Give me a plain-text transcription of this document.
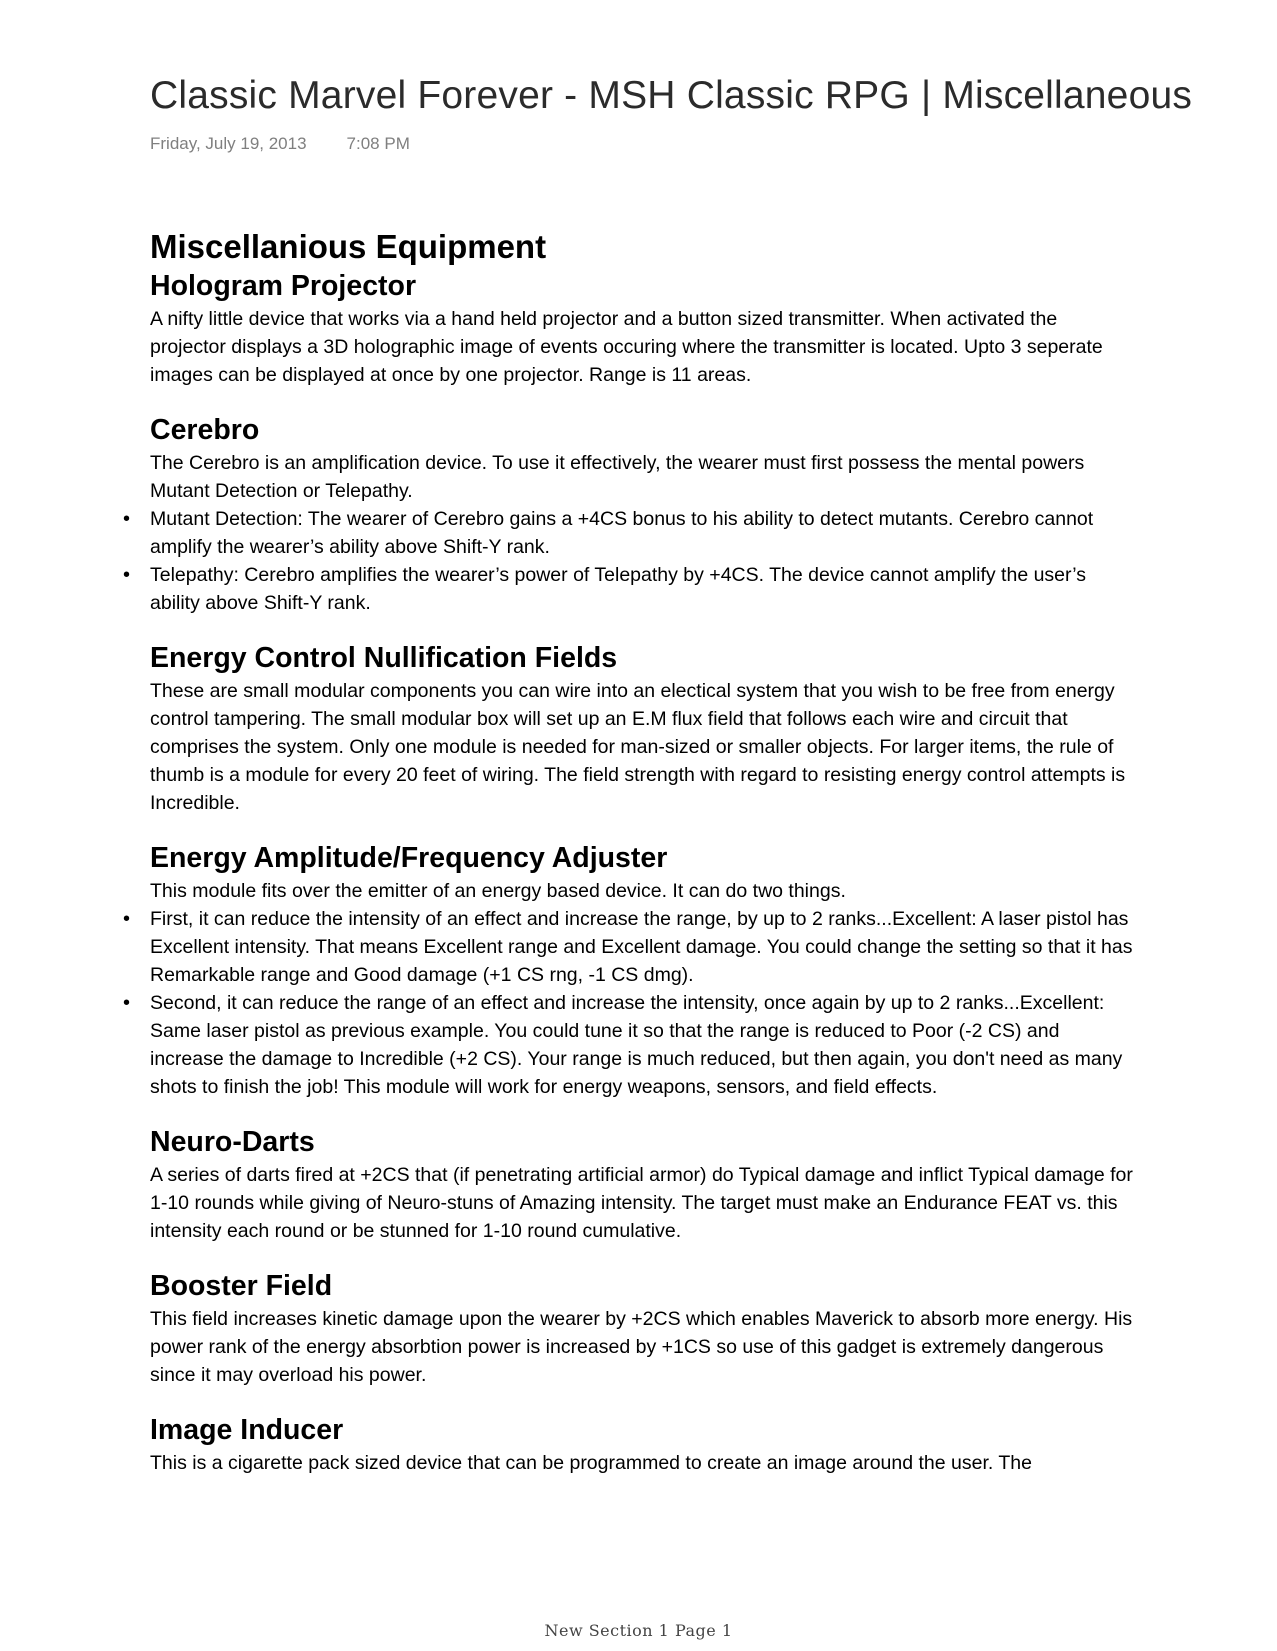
Classic Marvel Forever - MSH Classic RPG | Miscellaneous
Friday, July 19, 2013 7:08 PM
Miscellanious Equipment
Hologram Projector

A nifty little device that works via a hand held projector and a button sized transmitter. When activated the projector displays a 3D holographic image of events occuring where the transmitter is located. Upto 3 seperate images can be displayed at once by one projector. Range is 11 areas.

Cerebro

The Cerebro is an amplification device. To use it effectively, the wearer must first possess the mental powers Mutant Detection or Telepathy.

• Mutant Detection: The wearer of Cerebro gains a +4CS bonus to his ability to detect mutants. Cerebro cannot amplify the wearer’s ability above Shift-Y rank.
• Telepathy: Cerebro amplifies the wearer’s power of Telepathy by +4CS. The device cannot amplify the user’s ability above Shift-Y rank.
Energy Control Nullification Fields

These are small modular components you can wire into an electical system that you wish to be free from energy control tampering. The small modular box will set up an E.M flux field that follows each wire and circuit that comprises the system. Only one module is needed for man-sized or smaller objects. For larger items, the rule of thumb is a module for every 20 feet of wiring. The field strength with regard to resisting energy control attempts is Incredible.

Energy Amplitude/Frequency Adjuster

This module fits over the emitter of an energy based device. It can do two things.

• First, it can reduce the intensity of an effect and increase the range, by up to 2 ranks...Excellent: A laser pistol has Excellent intensity. That means Excellent range and Excellent damage. You could change the setting so that it has Remarkable range and Good damage (+1 CS rng, -1 CS dmg).
• Second, it can reduce the range of an effect and increase the intensity, once again by up to 2 ranks...Excellent: Same laser pistol as previous example. You could tune it so that the range is reduced to Poor (-2 CS) and increase the damage to Incredible (+2 CS). Your range is much reduced, but then again, you don't need as many shots to finish the job! This module will work for energy weapons, sensors, and field effects.
Neuro-Darts

A series of darts fired at +2CS that (if penetrating artificial armor) do Typical damage and inflict Typical damage for 1-10 rounds while giving of Neuro-stuns of Amazing intensity. The target must make an Endurance FEAT vs. this intensity each round or be stunned for 1-10 round cumulative.

Booster Field

This field increases kinetic damage upon the wearer by +2CS which enables Maverick to absorb more energy. His power rank of the energy absorbtion power is increased by +1CS so use of this gadget is extremely dangerous since it may overload his power.

Image Inducer

This is a cigarette pack sized device that can be programmed to create an image around the user. The

New Section 1 Page 1
